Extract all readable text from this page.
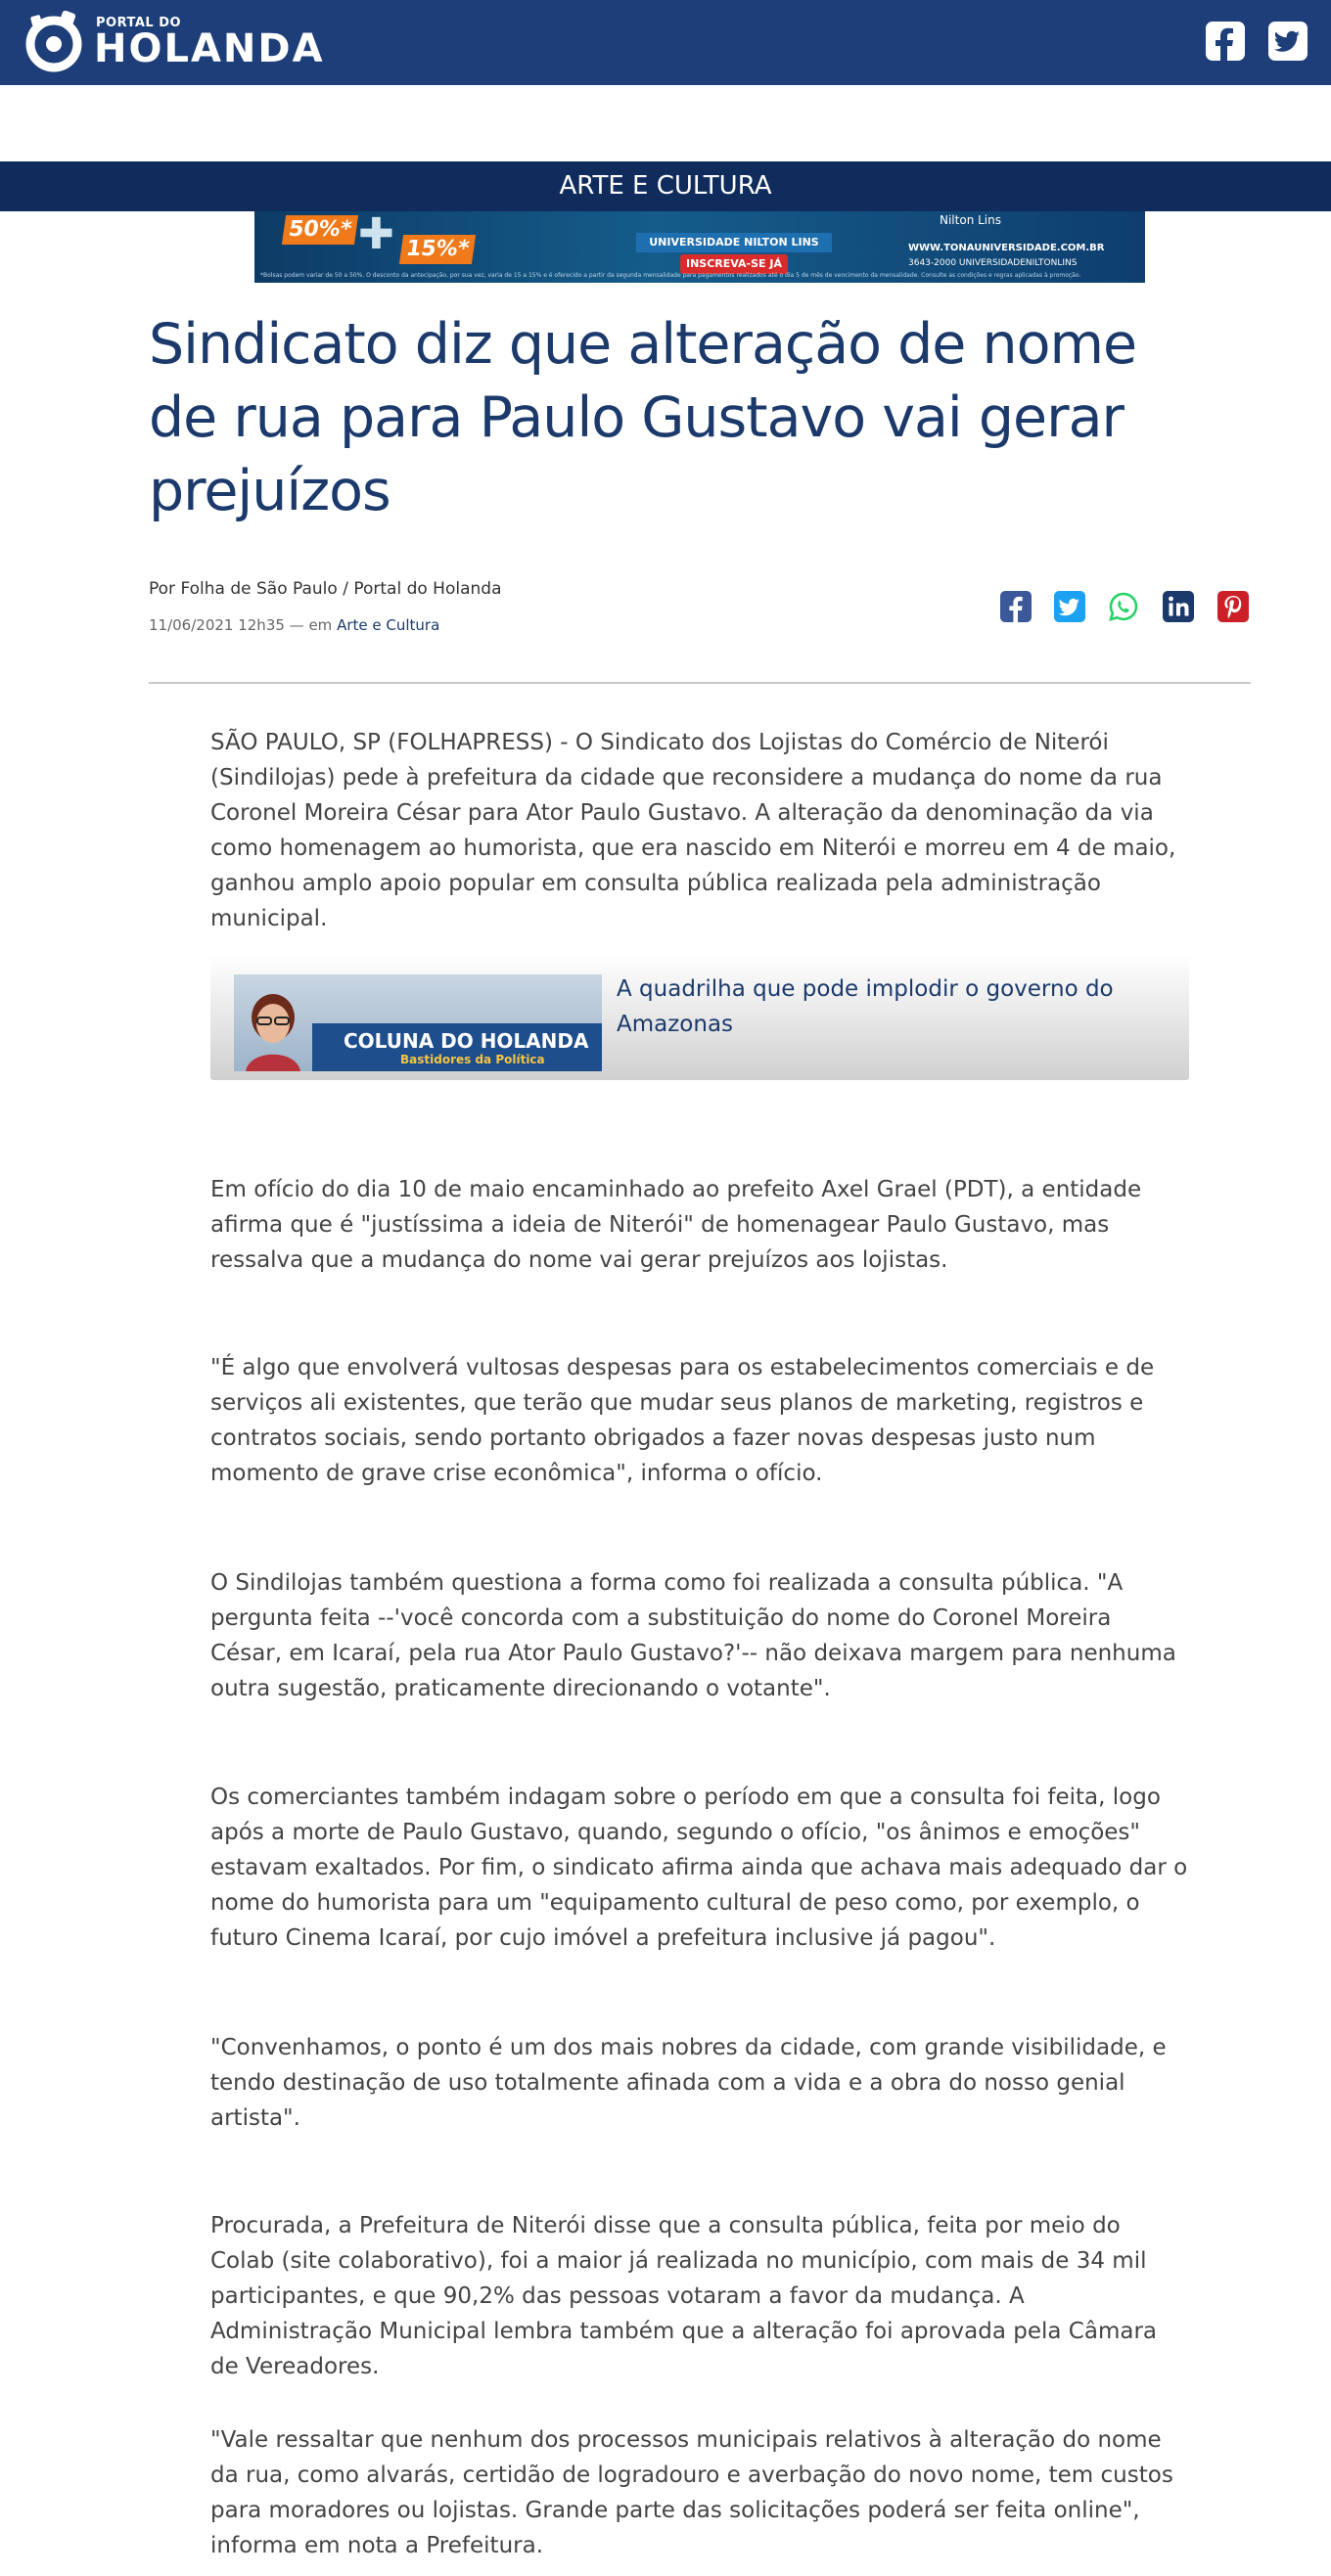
PORTAL DO
HOLANDA
ARTE E CULTURA
50%* ✚ 15%*	UNIVERSIDADE NILTON LINS
INSCREVA-SE JÁ
Nilton Lins
WWW.TONAUNIVERSIDADE.COM.BR
3643-2000 UNIVERSIDADENILTONLINS
*Bolsas podem variar de 50 a 50%. O desconto da antecipação, por sua vez, varia de 15 a 15% e é oferecido a partir da segunda mensalidade para pagamentos realizados até o dia 5 de mês de vencimento da mensalidade. Consulte as condições e regras aplicadas à promoção.
Sindicato diz que alteração de nome de rua para Paulo Gustavo vai gerar prejuízos
Por Folha de São Paulo / Portal do Holanda
11/06/2021 12h35 — em Arte e Cultura

SÃO PAULO, SP (FOLHAPRESS) - O Sindicato dos Lojistas do Comércio de Niterói (Sindilojas) pede à prefeitura da cidade que reconsidere a mudança do nome da rua Coronel Moreira César para Ator Paulo Gustavo. A alteração da denominação da via como homenagem ao humorista, que era nascido em Niterói e morreu em 4 de maio, ganhou amplo apoio popular em consulta pública realizada pela administração municipal.

COLUNA DO HOLANDA
Bastidores da Política
A quadrilha que pode implodir o governo do Amazonas

Em ofício do dia 10 de maio encaminhado ao prefeito Axel Grael (PDT), a entidade afirma que é "justíssima a ideia de Niterói" de homenagear Paulo Gustavo, mas ressalva que a mudança do nome vai gerar prejuízos aos lojistas.

"É algo que envolverá vultosas despesas para os estabelecimentos comerciais e de serviços ali existentes, que terão que mudar seus planos de marketing, registros e contratos sociais, sendo portanto obrigados a fazer novas despesas justo num momento de grave crise econômica", informa o ofício.

O Sindilojas também questiona a forma como foi realizada a consulta pública. "A pergunta feita --'você concorda com a substituição do nome do Coronel Moreira César, em Icaraí, pela rua Ator Paulo Gustavo?'-- não deixava margem para nenhuma outra sugestão, praticamente direcionando o votante".

Os comerciantes também indagam sobre o período em que a consulta foi feita, logo após a morte de Paulo Gustavo, quando, segundo o ofício, "os ânimos e emoções" estavam exaltados. Por fim, o sindicato afirma ainda que achava mais adequado dar o nome do humorista para um "equipamento cultural de peso como, por exemplo, o futuro Cinema Icaraí, por cujo imóvel a prefeitura inclusive já pagou".

"Convenhamos, o ponto é um dos mais nobres da cidade, com grande visibilidade, e tendo destinação de uso totalmente afinada com a vida e a obra do nosso genial artista".

Procurada, a Prefeitura de Niterói disse que a consulta pública, feita por meio do Colab (site colaborativo), foi a maior já realizada no município, com mais de 34 mil participantes, e que 90,2% das pessoas votaram a favor da mudança. A Administração Municipal lembra também que a alteração foi aprovada pela Câmara de Vereadores.

"Vale ressaltar que nenhum dos processos municipais relativos à alteração do nome da rua, como alvarás, certidão de logradouro e averbação do novo nome, tem custos para moradores ou lojistas. Grande parte das solicitações poderá ser feita online", informa em nota a Prefeitura.
